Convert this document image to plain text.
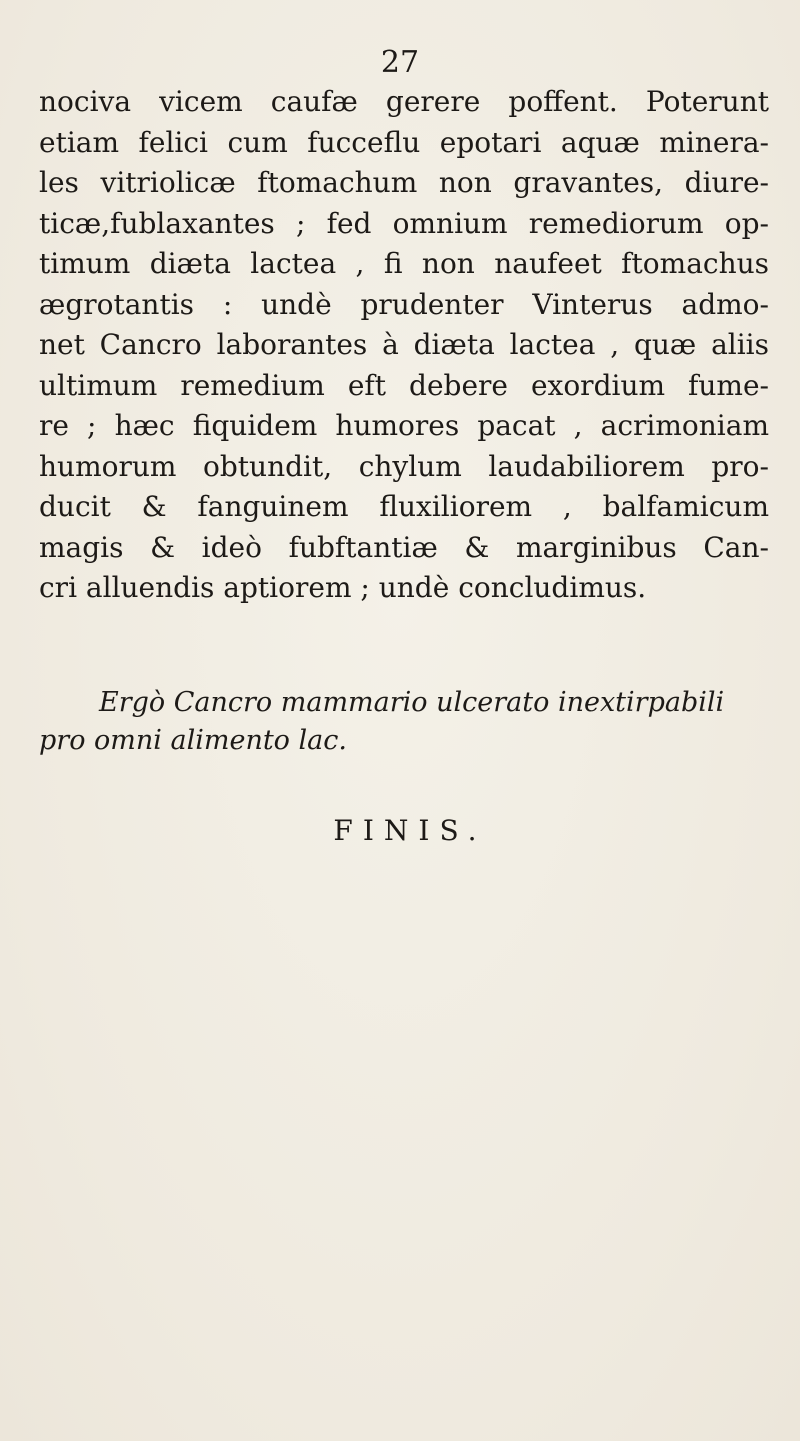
27
nociva vicem caufæ gerere poffent. Poterunt
etiam felici cum fucceflu epotari aquæ minera-
les vitriolicæ ftomachum non gravantes, diure-
ticæ,fublaxantes ; fed omnium remediorum op-
timum diæta lactea , fi non naufeet ftomachus
ægrotantis : undè prudenter Vinterus admo-
net Cancro laborantes à diæta lactea , quæ aliis
ultimum remedium eft debere exordium fume-
re ; hæc fiquidem humores pacat , acrimoniam
humorum obtundit, chylum laudabiliorem pro-
ducit & fanguinem fluxiliorem , balfamicum
magis & ideò fubftantiæ & marginibus Can-
cri alluendis aptiorem ; undè concludimus.
Ergò Cancro mammario ulcerato inextirpabili
pro omni alimento lac.
FINIS.
